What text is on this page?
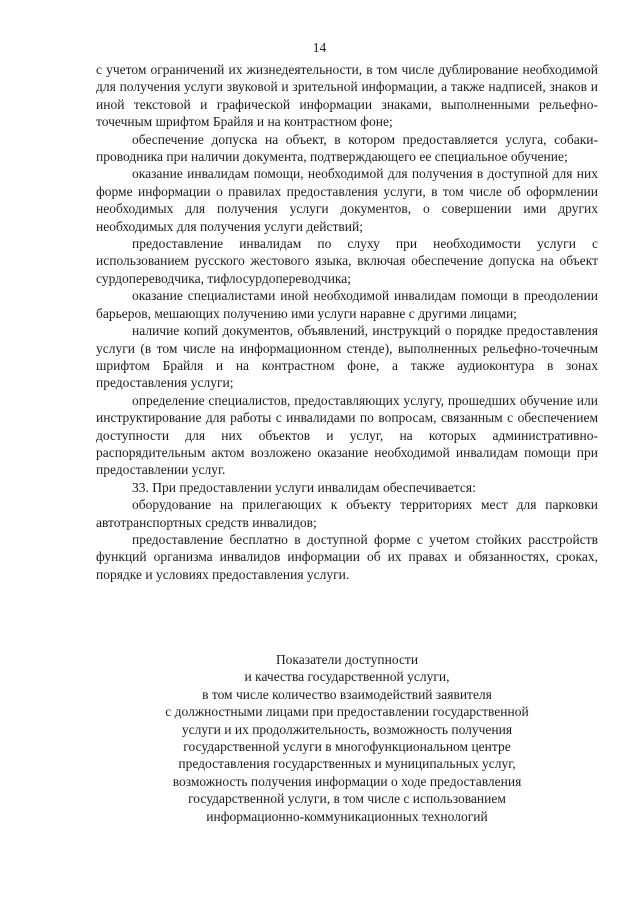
14

с учетом ограничений их жизнедеятельности, в том числе дублирование необходимой для получения услуги звуковой и зрительной информации, а также надписей, знаков и иной текстовой и графической информации знаками, выполненными рельефно-точечным шрифтом Брайля и на контрастном фоне;

обеспечение допуска на объект, в котором предоставляется услуга, собаки-проводника при наличии документа, подтверждающего ее специальное обучение;

оказание инвалидам помощи, необходимой для получения в доступной для них форме информации о правилах предоставления услуги, в том числе об оформлении необходимых для получения услуги документов, о совершении ими других необходимых для получения услуги действий;

предоставление инвалидам по слуху при необходимости услуги с использованием русского жестового языка, включая обеспечение допуска на объект сурдопереводчика, тифлосурдопереводчика;

оказание специалистами иной необходимой инвалидам помощи в преодолении барьеров, мешающих получению ими услуги наравне с другими лицами;

наличие копий документов, объявлений, инструкций о порядке предоставления услуги (в том числе на информационном стенде), выполненных рельефно-точечным шрифтом Брайля и на контрастном фоне, а также аудиоконтура в зонах предоставления услуги;

определение специалистов, предоставляющих услугу, прошедших обучение или инструктирование для работы с инвалидами по вопросам, связанным с обеспечением доступности для них объектов и услуг, на которых административно-распорядительным актом возложено оказание необходимой инвалидам помощи при предоставлении услуг.

33. При предоставлении услуги инвалидам обеспечивается:

оборудование на прилегающих к объекту территориях мест для парковки автотранспортных средств инвалидов;

предоставление бесплатно в доступной форме с учетом стойких расстройств функций организма инвалидов информации об их правах и обязанностях, сроках, порядке и условиях предоставления услуги.

Показатели доступности
и качества государственной услуги,
в том числе количество взаимодействий заявителя
с должностными лицами при предоставлении государственной
услуги и их продолжительность, возможность получения
государственной услуги в многофункциональном центре
предоставления государственных и муниципальных услуг,
возможность получения информации о ходе предоставления
государственной услуги, в том числе с использованием
информационно-коммуникационных технологий
